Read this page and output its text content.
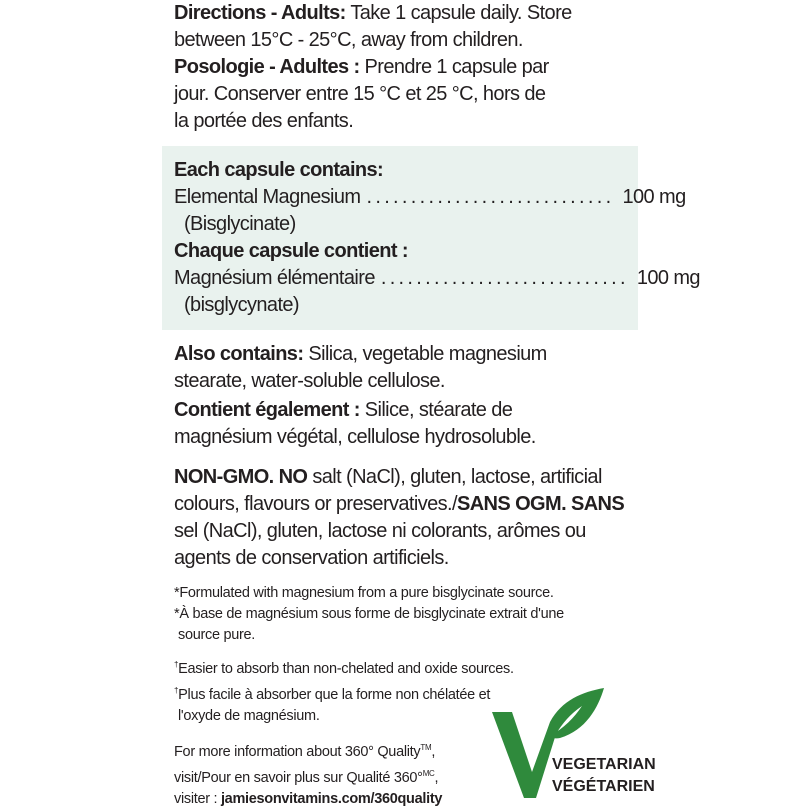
Directions - Adults: Take 1 capsule daily. Store
between 15°C - 25°C, away from children.
Posologie - Adultes : Prendre 1 capsule par
jour. Conserver entre 15 °C et 25 °C, hors de
la portée des enfants.
Each capsule contains:
Elemental Magnesium ............................ 100 mg
(Bisglycinate)
Chaque capsule contient :
Magnésium élémentaire ............................ 100 mg
(bisglycynate)
Also contains: Silica, vegetable magnesium
stearate, water-soluble cellulose.
Contient également : Silice, stéarate de
magnésium végétal, cellulose hydrosoluble.
NON-GMO. NO salt (NaCl), gluten, lactose, artificial
colours, flavours or preservatives./SANS OGM. SANS
sel (NaCl), gluten, lactose ni colorants, arômes ou
agents de conservation artificiels.
*Formulated with magnesium from a pure bisglycinate source.
*À base de magnésium sous forme de bisglycinate extrait d'une
source pure.
†Easier to absorb than non-chelated and oxide sources.
†Plus facile à absorber que la forme non chélatée et
l'oxyde de magnésium.
For more information about 360° Quality™,
visit/Pour en savoir plus sur Qualité 360°$^{MC}$,
visiter : jamiesonvitamins.com/360quality
VEGETARIAN
VÉGÉTARIEN
